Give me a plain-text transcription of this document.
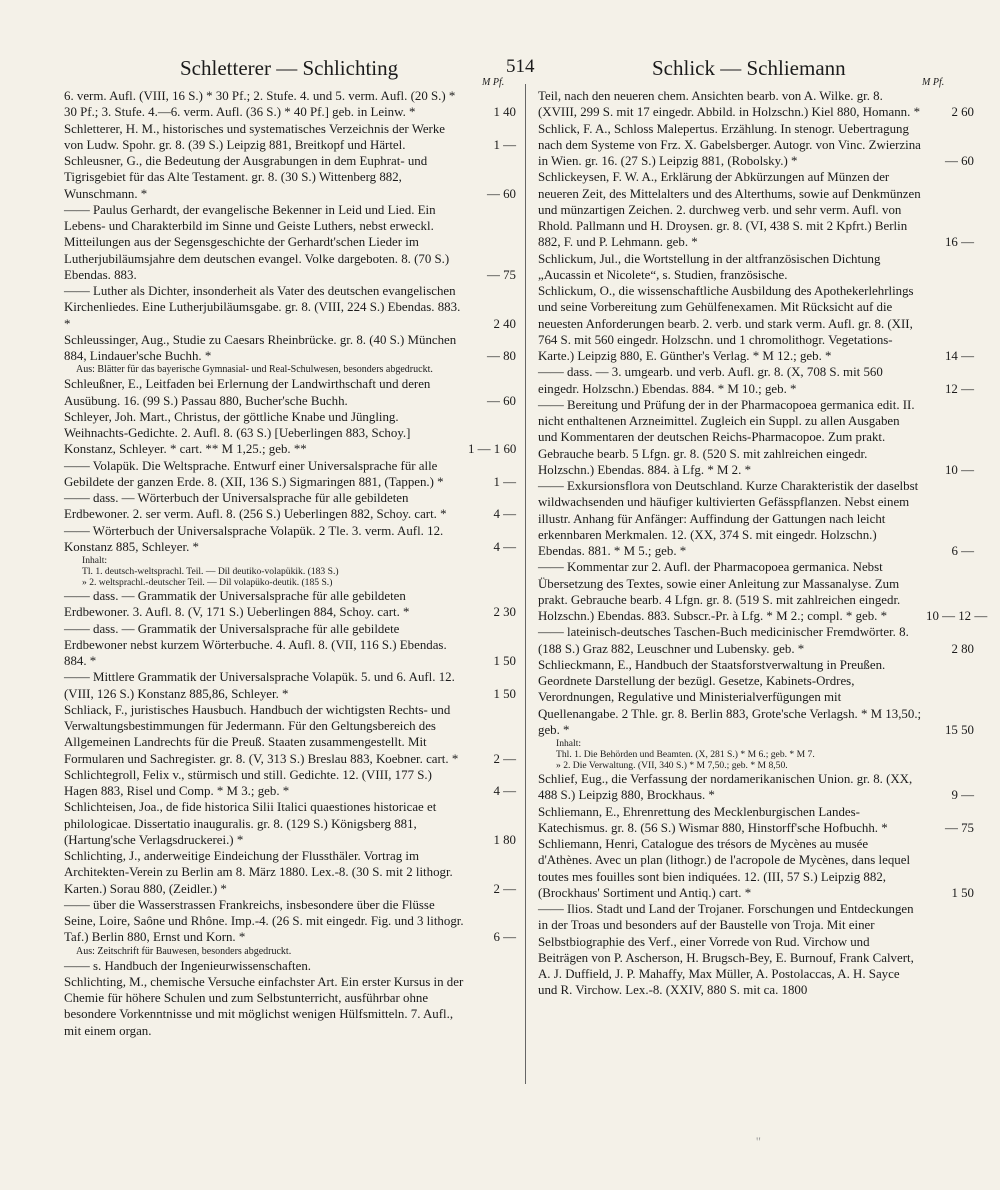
Schletterer — Schlichting	514	Schlick — Schliemann
M Pf.	M Pf.
6. verm. Aufl. (VIII, 16 S.) * 30 Pf.; 2. Stufe. 4. und 5. verm. Aufl. (20 S.) * 30 Pf.; 3. Stufe. 4.—6. verm. Aufl. (36 S.) * 40 Pf.] geb. in Leinw. *	1 40
Schletterer, H. M., historisches und systematisches Verzeichnis der Werke von Ludw. Spohr. gr. 8. (39 S.) Leipzig 881, Breitkopf und Härtel.	1 —
Schleusner, G., die Bedeutung der Ausgrabungen in dem Euphrat- und Tigrisgebiet für das Alte Testament. gr. 8. (30 S.) Wittenberg 882, Wunschmann. *	— 60
—— Paulus Gerhardt, der evangelische Bekenner in Leid und Lied. Ein Lebens- und Charakterbild im Sinne und Geiste Luthers, nebst erweckl. Mitteilungen aus der Segensgeschichte der Gerhardt'schen Lieder im Lutherjubiläumsjahre dem deutschen evangel. Volke dargeboten. 8. (70 S.) Ebendas. 883.	— 75
—— Luther als Dichter, insonderheit als Vater des deutschen evangelischen Kirchenliedes. Eine Lutherjubiläumsgabe. gr. 8. (VIII, 224 S.) Ebendas. 883. *	2 40
Schleussinger, Aug., Studie zu Caesars Rheinbrücke. gr. 8. (40 S.) München 884, Lindauer'sche Buchh. *	— 80
Aus: Blätter für das bayerische Gymnasial- und Real-Schulwesen, besonders abgedruckt.
Schleußner, E., Leitfaden bei Erlernung der Landwirthschaft und deren Ausübung. 16. (99 S.) Passau 880, Bucher'sche Buchh.	— 60
Schleyer, Joh. Mart., Christus, der göttliche Knabe und Jüngling. Weihnachts-Gedichte. 2. Aufl. 8. (63 S.) [Ueberlingen 883, Schoy.] Konstanz, Schleyer. * cart. ** M 1,25.; geb. **	1 — 1 60
—— Volapük. Die Weltsprache. Entwurf einer Universalsprache für alle Gebildete der ganzen Erde. 8. (XII, 136 S.) Sigmaringen 881, (Tappen.) *	1 —
—— dass. — Wörterbuch der Universalsprache für alle gebildeten Erdbewoner. 2. ser verm. Aufl. 8. (256 S.) Ueberlingen 882, Schoy. cart. *	4 —
—— Wörterbuch der Universalsprache Volapük. 2 Tle. 3. verm. Aufl. 12. Konstanz 885, Schleyer. *	4 —
Inhalt:
Tl. 1. deutsch-weltsprachl. Teil. — Dil deutiko-volapükik. (183 S.)
» 2. weltsprachl.-deutscher Teil. — Dil volapüko-deutik. (185 S.)
—— dass. — Grammatik der Universalsprache für alle gebildeten Erdbewoner. 3. Aufl. 8. (V, 171 S.) Ueberlingen 884, Schoy. cart. *	2 30
—— dass. — Grammatik der Universalsprache für alle gebildete Erdbewoner nebst kurzem Wörterbuche. 4. Aufl. 8. (VII, 116 S.) Ebendas. 884. *	1 50
—— Mittlere Grammatik der Universalsprache Volapük. 5. und 6. Aufl. 12. (VIII, 126 S.) Konstanz 885,86, Schleyer. *	1 50
Schliack, F., juristisches Hausbuch. Handbuch der wichtigsten Rechts- und Verwaltungsbestimmungen für Jedermann. Für den Geltungsbereich des Allgemeinen Landrechts für die Preuß. Staaten zusammengestellt. Mit Formularen und Sachregister. gr. 8. (V, 313 S.) Breslau 883, Koebner. cart. *	2 —
Schlichtegroll, Felix v., stürmisch und still. Gedichte. 12. (VIII, 177 S.) Hagen 883, Risel und Comp. * M 3.; geb. *	4 —
Schlichteisen, Joa., de fide historica Silii Italici quaestiones historicae et philologicae. Dissertatio inauguralis. gr. 8. (129 S.) Königsberg 881, (Hartung'sche Verlagsdruckerei.) *	1 80
Schlichting, J., anderweitige Eindeichung der Flussthäler. Vortrag im Architekten-Verein zu Berlin am 8. März 1880. Lex.-8. (30 S. mit 2 lithogr. Karten.) Sorau 880, (Zeidler.) *	2 —
—— über die Wasserstrassen Frankreichs, insbesondere über die Flüsse Seine, Loire, Saône und Rhône. Imp.-4. (26 S. mit eingedr. Fig. und 3 lithogr. Taf.) Berlin 880, Ernst und Korn. *	6 —
Aus: Zeitschrift für Bauwesen, besonders abgedruckt.
—— s. Handbuch der Ingenieurwissenschaften.
Schlichting, M., chemische Versuche einfachster Art. Ein erster Kursus in der Chemie für höhere Schulen und zum Selbstunterricht, ausführbar ohne besondere Vorkenntnisse und mit möglichst wenigen Hülfsmitteln. 7. Aufl., mit einem organ.
Teil, nach den neueren chem. Ansichten bearb. von A. Wilke. gr. 8. (XVIII, 299 S. mit 17 eingedr. Abbild. in Holzschn.) Kiel 880, Homann. *	2 60
Schlick, F. A., Schloss Malepertus. Erzählung. In stenogr. Uebertragung nach dem Systeme von Frz. X. Gabelsberger. Autogr. von Vinc. Zwierzina in Wien. gr. 16. (27 S.) Leipzig 881, (Robolsky.) *	— 60
Schlickeysen, F. W. A., Erklärung der Abkürzungen auf Münzen der neueren Zeit, des Mittelalters und des Alterthums, sowie auf Denkmünzen und münzartigen Zeichen. 2. durchweg verb. und sehr verm. Aufl. von Rhold. Pallmann und H. Droysen. gr. 8. (VI, 438 S. mit 2 Kpfrt.) Berlin 882, F. und P. Lehmann. geb. *	16 —
Schlickum, Jul., die Wortstellung in der altfranzösischen Dichtung „Aucassin et Nicolete“, s. Studien, französische.
Schlickum, O., die wissenschaftliche Ausbildung des Apothekerlehrlings und seine Vorbereitung zum Gehülfenexamen. Mit Rücksicht auf die neuesten Anforderungen bearb. 2. verb. und stark verm. Aufl. gr. 8. (XII, 764 S. mit 560 eingedr. Holzschn. und 1 chromolithogr. Vegetations-Karte.) Leipzig 880, E. Günther's Verlag. * M 12.; geb. *	14 —
—— dass. — 3. umgearb. und verb. Aufl. gr. 8. (X, 708 S. mit 560 eingedr. Holzschn.) Ebendas. 884. * M 10.; geb. *	12 —
—— Bereitung und Prüfung der in der Pharmacopoea germanica edit. II. nicht enthaltenen Arzneimittel. Zugleich ein Suppl. zu allen Ausgaben und Kommentaren der deutschen Reichs-Pharmacopoe. Zum prakt. Gebrauche bearb. 5 Lfgn. gr. 8. (520 S. mit zahlreichen eingedr. Holzschn.) Ebendas. 884. à Lfg. * M 2. *	10 —
—— Exkursionsflora von Deutschland. Kurze Charakteristik der daselbst wildwachsenden und häufiger kultivierten Gefässpflanzen. Nebst einem illustr. Anhang für Anfänger: Auffindung der Gattungen nach leicht erkennbaren Merkmalen. 12. (XX, 374 S. mit eingedr. Holzschn.) Ebendas. 881. * M 5.; geb. *	6 —
—— Kommentar zur 2. Aufl. der Pharmacopoea germanica. Nebst Übersetzung des Textes, sowie einer Anleitung zur Massanalyse. Zum prakt. Gebrauche bearb. 4 Lfgn. gr. 8. (519 S. mit zahlreichen eingedr. Holzschn.) Ebendas. 883. Subscr.-Pr. à Lfg. * M 2.; compl. * geb. *	10 — 12 —
—— lateinisch-deutsches Taschen-Buch medicinischer Fremdwörter. 8. (188 S.) Graz 882, Leuschner und Lubensky. geb. *	2 80
Schlieckmann, E., Handbuch der Staatsforstverwaltung in Preußen. Geordnete Darstellung der bezügl. Gesetze, Kabinets-Ordres, Verordnungen, Regulative und Ministerialverfügungen mit Quellenangabe. 2 Thle. gr. 8. Berlin 883, Grote'sche Verlagsh. * M 13,50.; geb. *	15 50
Inhalt:
Thl. 1. Die Behörden und Beamten. (X, 281 S.) * M 6.; geb. * M 7.
» 2. Die Verwaltung. (VII, 340 S.) * M 7,50.; geb. * M 8,50.
Schlief, Eug., die Verfassung der nordamerikanischen Union. gr. 8. (XX, 488 S.) Leipzig 880, Brockhaus. *	9 —
Schliemann, E., Ehrenrettung des Mecklenburgischen Landes-Katechismus. gr. 8. (56 S.) Wismar 880, Hinstorff'sche Hofbuchh. *	— 75
Schliemann, Henri, Catalogue des trésors de Mycènes au musée d'Athènes. Avec un plan (lithogr.) de l'acropole de Mycènes, dans lequel toutes mes fouilles sont bien indiquées. 12. (III, 57 S.) Leipzig 882, (Brockhaus' Sortiment und Antiq.) cart. *	1 50
—— Ilios. Stadt und Land der Trojaner. Forschungen und Entdeckungen in der Troas und besonders auf der Baustelle von Troja. Mit einer Selbstbiographie des Verf., einer Vorrede von Rud. Virchow und Beiträgen von P. Ascherson, H. Brugsch-Bey, E. Burnouf, Frank Calvert, A. J. Duffield, J. P. Mahaffy, Max Müller, A. Postolaccas, A. H. Sayce und R. Virchow. Lex.-8. (XXIV, 880 S. mit ca. 1800
''
